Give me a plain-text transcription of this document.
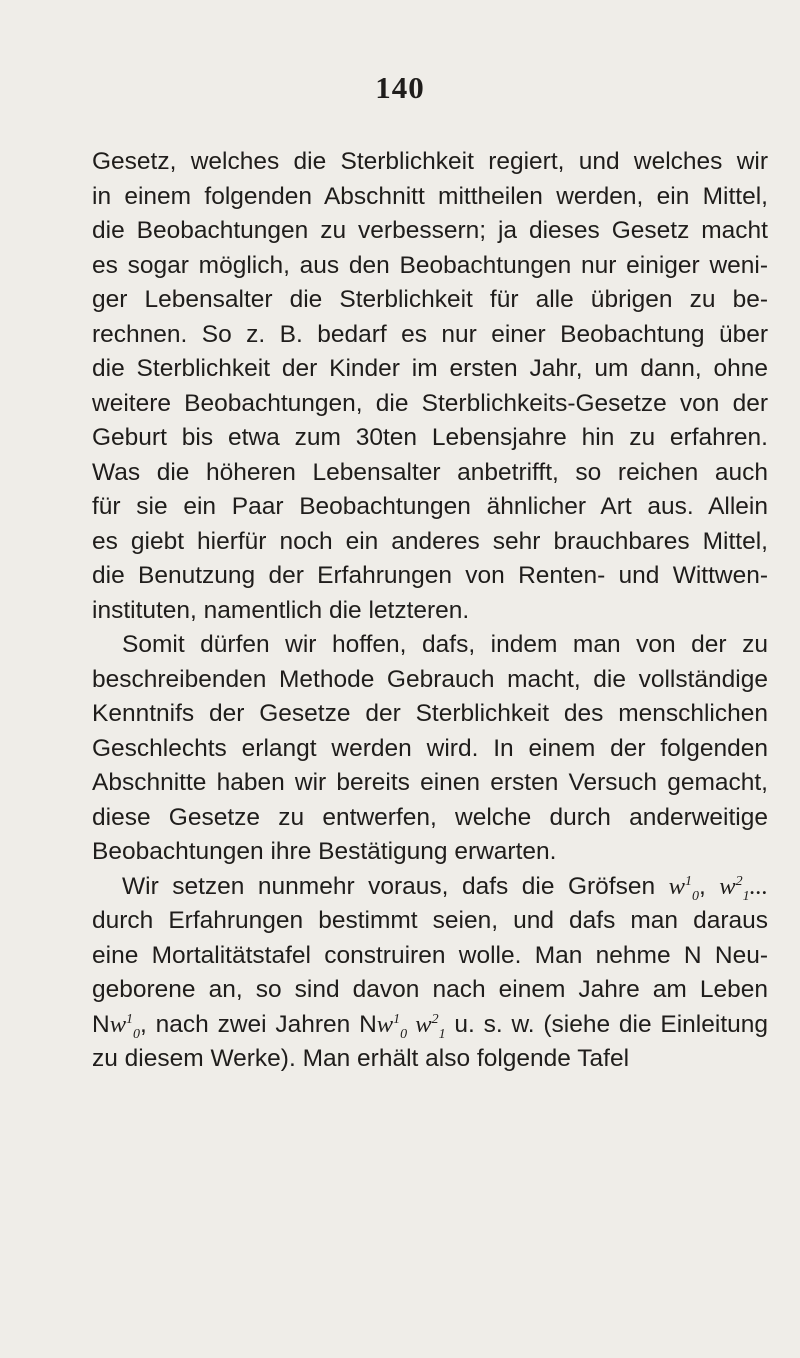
140
Gesetz, welches die Sterblichkeit regiert, und welches wir
in einem folgenden Abschnitt mittheilen werden, ein Mittel,
die Beobachtungen zu verbessern; ja dieses Gesetz macht
es sogar möglich, aus den Beobachtungen nur einiger weni-
ger Lebensalter die Sterblichkeit für alle übrigen zu be-
rechnen. So z. B. bedarf es nur einer Beobachtung über
die Sterblichkeit der Kinder im ersten Jahr, um dann, ohne
weitere Beobachtungen, die Sterblichkeits-Gesetze von der
Geburt bis etwa zum 30ten Lebensjahre hin zu erfahren.
Was die höheren Lebensalter anbetrifft, so reichen auch
für sie ein Paar Beobachtungen ähnlicher Art aus. Allein
es giebt hierfür noch ein anderes sehr brauchbares Mittel,
die Benutzung der Erfahrungen von Renten- und Wittwen-
instituten, namentlich die letzteren.
Somit dürfen wir hoffen, dafs, indem man von der zu
beschreibenden Methode Gebrauch macht, die vollständige
Kenntnifs der Gesetze der Sterblichkeit des menschlichen
Geschlechts erlangt werden wird. In einem der folgenden
Abschnitte haben wir bereits einen ersten Versuch gemacht,
diese Gesetze zu entwerfen, welche durch anderweitige
Beobachtungen ihre Bestätigung erwarten.
Wir setzen nunmehr voraus, dafs die Gröfsen $w^1_0$, $w^2_1$...
durch Erfahrungen bestimmt seien, und dafs man daraus
eine Mortalitätstafel construiren wolle. Man nehme N Neu-
geborene an, so sind davon nach einem Jahre am Leben
$Nw^1_0$, nach zwei Jahren $Nw^1_0$ $w^2_1$ u. s. w. (siehe die Einleitung
zu diesem Werke). Man erhält also folgende Tafel
